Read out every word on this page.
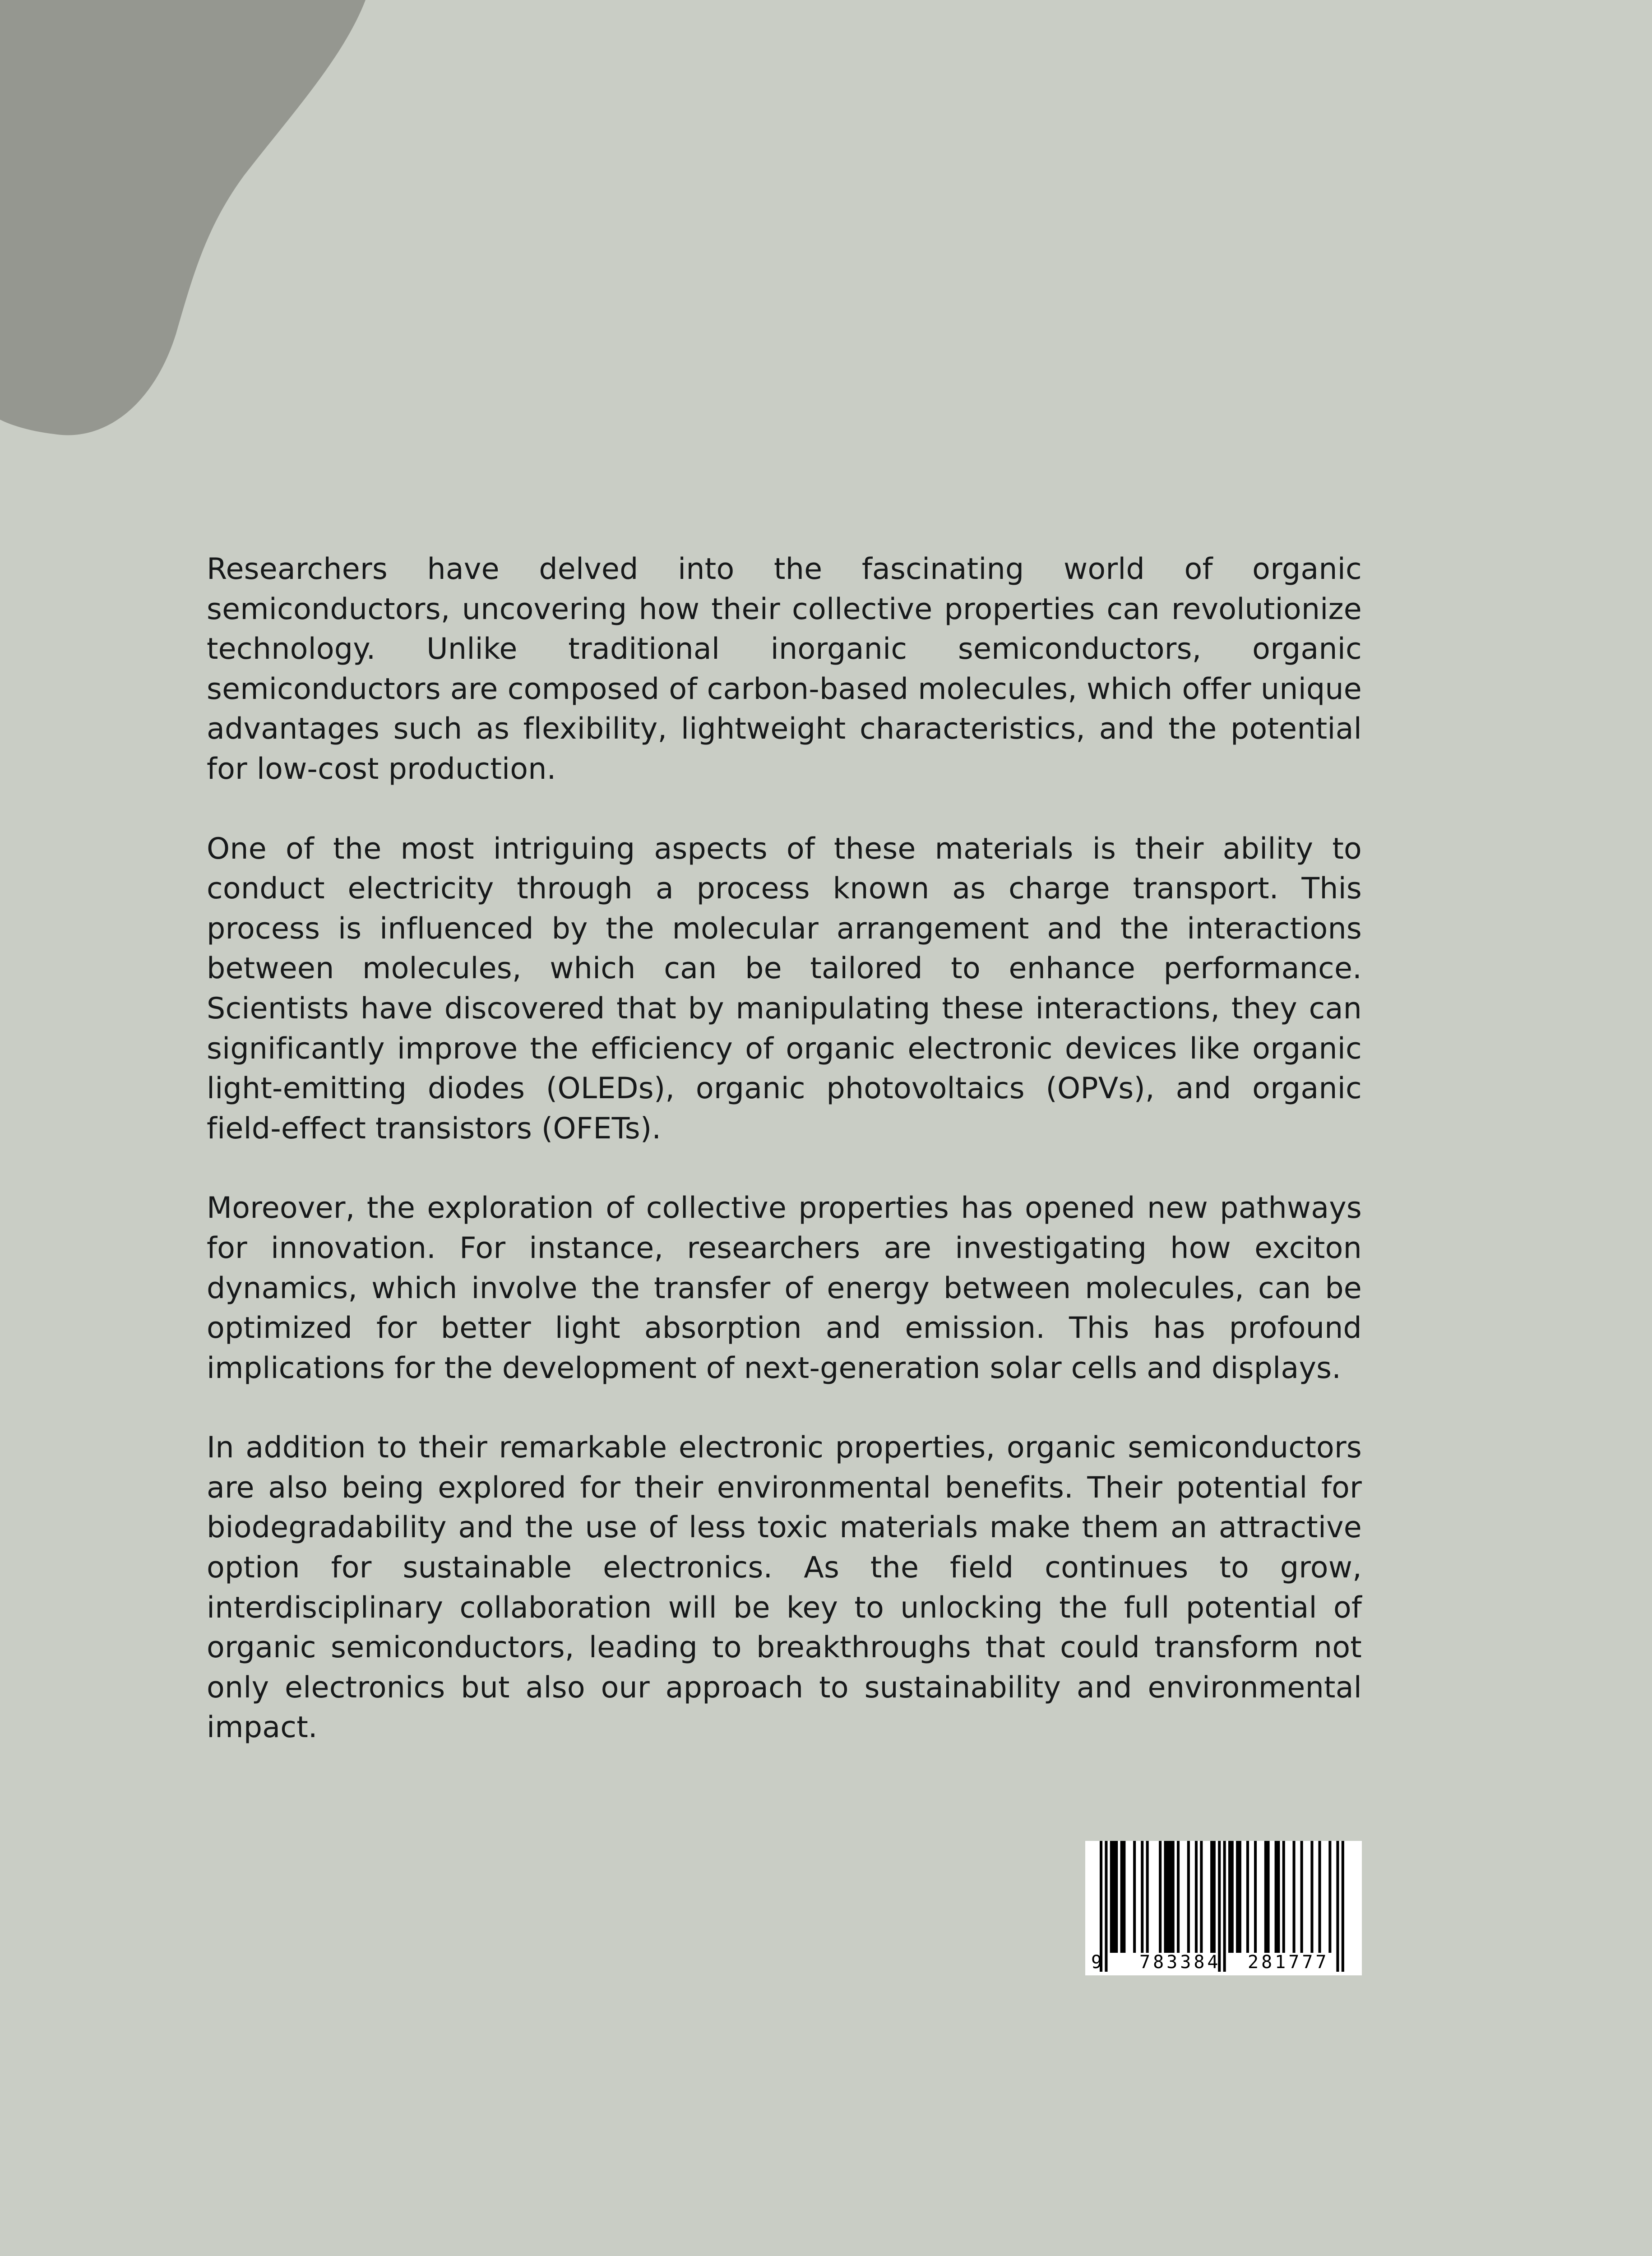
Researchers have delved into the fascinating world of organic semiconductors, uncovering how their collective properties can revolutionize technology. Unlike traditional inorganic semiconductors, organic semiconductors are composed of carbon-based molecules, which offer unique advantages such as flexibility, lightweight characteristics, and the potential for low-cost production.

One of the most intriguing aspects of these materials is their ability to conduct electricity through a process known as charge transport. This process is influenced by the molecular arrangement and the interactions between molecules, which can be tailored to enhance performance. Scientists have discovered that by manipulating these interactions, they can significantly improve the efficiency of organic electronic devices like organic light-emitting diodes (OLEDs), organic photovoltaics (OPVs), and organic field-effect transistors (OFETs).

Moreover, the exploration of collective properties has opened new pathways for innovation. For instance, researchers are investigating how exciton dynamics, which involve the transfer of energy between molecules, can be optimized for better light absorption and emission. This has profound implications for the development of next-generation solar cells and displays.

In addition to their remarkable electronic properties, organic semiconductors are also being explored for their environmental benefits. Their potential for biodegradability and the use of less toxic materials make them an attractive option for sustainable electronics. As the field continues to grow, interdisciplinary collaboration will be key to unlocking the full potential of organic semiconductors, leading to breakthroughs that could transform not only electronics but also our approach to sustainability and environmental impact.

9 783384 281777
